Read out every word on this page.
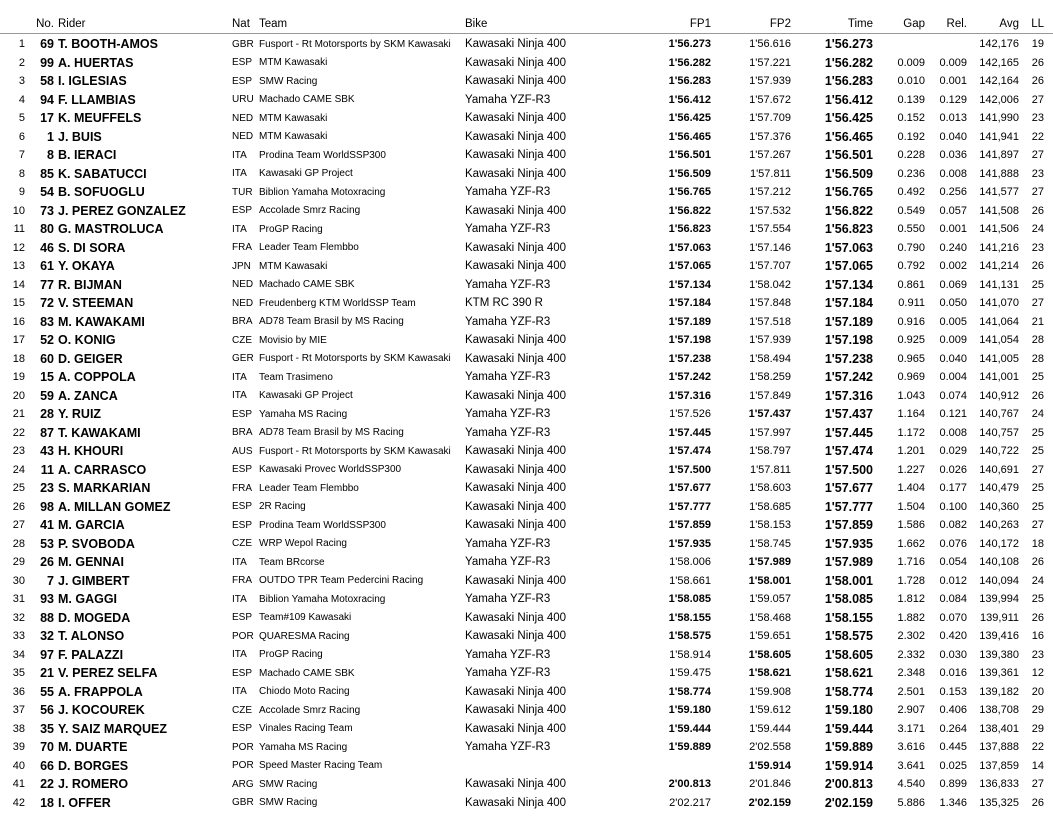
	No.	Rider	Nat	Team	Bike	FP1	FP2	Time	Gap	Rel.	Avg	LL
1	69	T. BOOTH-AMOS	GBR	Fusport - Rt Motorsports by SKM Kawasaki	Kawasaki Ninja 400	1'56.273	1'56.616	1'56.273			142,176	19
2	99	A. HUERTAS	ESP	MTM Kawasaki	Kawasaki Ninja 400	1'56.282	1'57.221	1'56.282	0.009	0.009	142,165	26
3	58	I. IGLESIAS	ESP	SMW Racing	Kawasaki Ninja 400	1'56.283	1'57.939	1'56.283	0.010	0.001	142,164	26
4	94	F. LLAMBIAS	URU	Machado CAME SBK	Yamaha YZF-R3	1'56.412	1'57.672	1'56.412	0.139	0.129	142,006	27
5	17	K. MEUFFELS	NED	MTM Kawasaki	Kawasaki Ninja 400	1'56.425	1'57.709	1'56.425	0.152	0.013	141,990	23
6	1	J. BUIS	NED	MTM Kawasaki	Kawasaki Ninja 400	1'56.465	1'57.376	1'56.465	0.192	0.040	141,941	22
7	8	B. IERACI	ITA	Prodina Team WorldSSP300	Kawasaki Ninja 400	1'56.501	1'57.267	1'56.501	0.228	0.036	141,897	27
8	85	K. SABATUCCI	ITA	Kawasaki GP Project	Kawasaki Ninja 400	1'56.509	1'57.811	1'56.509	0.236	0.008	141,888	23
9	54	B. SOFUOGLU	TUR	Biblion Yamaha Motoxracing	Yamaha YZF-R3	1'56.765	1'57.212	1'56.765	0.492	0.256	141,577	27
10	73	J. PEREZ GONZALEZ	ESP	Accolade Smrz Racing	Kawasaki Ninja 400	1'56.822	1'57.532	1'56.822	0.549	0.057	141,508	26
11	80	G. MASTROLUCA	ITA	ProGP Racing	Yamaha YZF-R3	1'56.823	1'57.554	1'56.823	0.550	0.001	141,506	24
12	46	S. DI SORA	FRA	Leader Team Flembbo	Kawasaki Ninja 400	1'57.063	1'57.146	1'57.063	0.790	0.240	141,216	23
13	61	Y. OKAYA	JPN	MTM Kawasaki	Kawasaki Ninja 400	1'57.065	1'57.707	1'57.065	0.792	0.002	141,214	26
14	77	R. BIJMAN	NED	Machado CAME SBK	Yamaha YZF-R3	1'57.134	1'58.042	1'57.134	0.861	0.069	141,131	25
15	72	V. STEEMAN	NED	Freudenberg KTM WorldSSP Team	KTM RC 390 R	1'57.184	1'57.848	1'57.184	0.911	0.050	141,070	27
16	83	M. KAWAKAMI	BRA	AD78 Team Brasil by MS Racing	Yamaha YZF-R3	1'57.189	1'57.518	1'57.189	0.916	0.005	141,064	21
17	52	O. KONIG	CZE	Movisio by MIE	Kawasaki Ninja 400	1'57.198	1'57.939	1'57.198	0.925	0.009	141,054	28
18	60	D. GEIGER	GER	Fusport - Rt Motorsports by SKM Kawasaki	Kawasaki Ninja 400	1'57.238	1'58.494	1'57.238	0.965	0.040	141,005	28
19	15	A. COPPOLA	ITA	Team Trasimeno	Yamaha YZF-R3	1'57.242	1'58.259	1'57.242	0.969	0.004	141,001	25
20	59	A. ZANCA	ITA	Kawasaki GP Project	Kawasaki Ninja 400	1'57.316	1'57.849	1'57.316	1.043	0.074	140,912	26
21	28	Y. RUIZ	ESP	Yamaha MS Racing	Yamaha YZF-R3	1'57.526	1'57.437	1'57.437	1.164	0.121	140,767	24
22	87	T. KAWAKAMI	BRA	AD78 Team Brasil by MS Racing	Yamaha YZF-R3	1'57.445	1'57.997	1'57.445	1.172	0.008	140,757	25
23	43	H. KHOURI	AUS	Fusport - Rt Motorsports by SKM Kawasaki	Kawasaki Ninja 400	1'57.474	1'58.797	1'57.474	1.201	0.029	140,722	25
24	11	A. CARRASCO	ESP	Kawasaki Provec WorldSSP300	Kawasaki Ninja 400	1'57.500	1'57.811	1'57.500	1.227	0.026	140,691	27
25	23	S. MARKARIAN	FRA	Leader Team Flembbo	Kawasaki Ninja 400	1'57.677	1'58.603	1'57.677	1.404	0.177	140,479	25
26	98	A. MILLAN GOMEZ	ESP	2R Racing	Kawasaki Ninja 400	1'57.777	1'58.685	1'57.777	1.504	0.100	140,360	25
27	41	M. GARCIA	ESP	Prodina Team WorldSSP300	Kawasaki Ninja 400	1'57.859	1'58.153	1'57.859	1.586	0.082	140,263	27
28	53	P. SVOBODA	CZE	WRP Wepol Racing	Yamaha YZF-R3	1'57.935	1'58.745	1'57.935	1.662	0.076	140,172	18
29	26	M. GENNAI	ITA	Team BRcorse	Yamaha YZF-R3	1'58.006	1'57.989	1'57.989	1.716	0.054	140,108	26
30	7	J. GIMBERT	FRA	OUTDO TPR Team Pedercini Racing	Kawasaki Ninja 400	1'58.661	1'58.001	1'58.001	1.728	0.012	140,094	24
31	93	M. GAGGI	ITA	Biblion Yamaha Motoxracing	Yamaha YZF-R3	1'58.085	1'59.057	1'58.085	1.812	0.084	139,994	25
32	88	D. MOGEDA	ESP	Team#109 Kawasaki	Kawasaki Ninja 400	1'58.155	1'58.468	1'58.155	1.882	0.070	139,911	26
33	32	T. ALONSO	POR	QUARESMA Racing	Kawasaki Ninja 400	1'58.575	1'59.651	1'58.575	2.302	0.420	139,416	16
34	97	F. PALAZZI	ITA	ProGP Racing	Yamaha YZF-R3	1'58.914	1'58.605	1'58.605	2.332	0.030	139,380	23
35	21	V. PEREZ SELFA	ESP	Machado CAME SBK	Yamaha YZF-R3	1'59.475	1'58.621	1'58.621	2.348	0.016	139,361	12
36	55	A. FRAPPOLA	ITA	Chiodo Moto Racing	Kawasaki Ninja 400	1'58.774	1'59.908	1'58.774	2.501	0.153	139,182	20
37	56	J. KOCOUREK	CZE	Accolade Smrz Racing	Kawasaki Ninja 400	1'59.180	1'59.612	1'59.180	2.907	0.406	138,708	29
38	35	Y. SAIZ MARQUEZ	ESP	Vinales Racing Team	Kawasaki Ninja 400	1'59.444	1'59.444	1'59.444	3.171	0.264	138,401	29
39	70	M. DUARTE	POR	Yamaha MS Racing	Yamaha YZF-R3	1'59.889	2'02.558	1'59.889	3.616	0.445	137,888	22
40	66	D. BORGES	POR	Speed Master Racing Team			1'59.914	1'59.914	3.641	0.025	137,859	14
41	22	J. ROMERO	ARG	SMW Racing	Kawasaki Ninja 400	2'00.813	2'01.846	2'00.813	4.540	0.899	136,833	27
42	18	I. OFFER	GBR	SMW Racing	Kawasaki Ninja 400	2'02.217	2'02.159	2'02.159	5.886	1.346	135,325	26
